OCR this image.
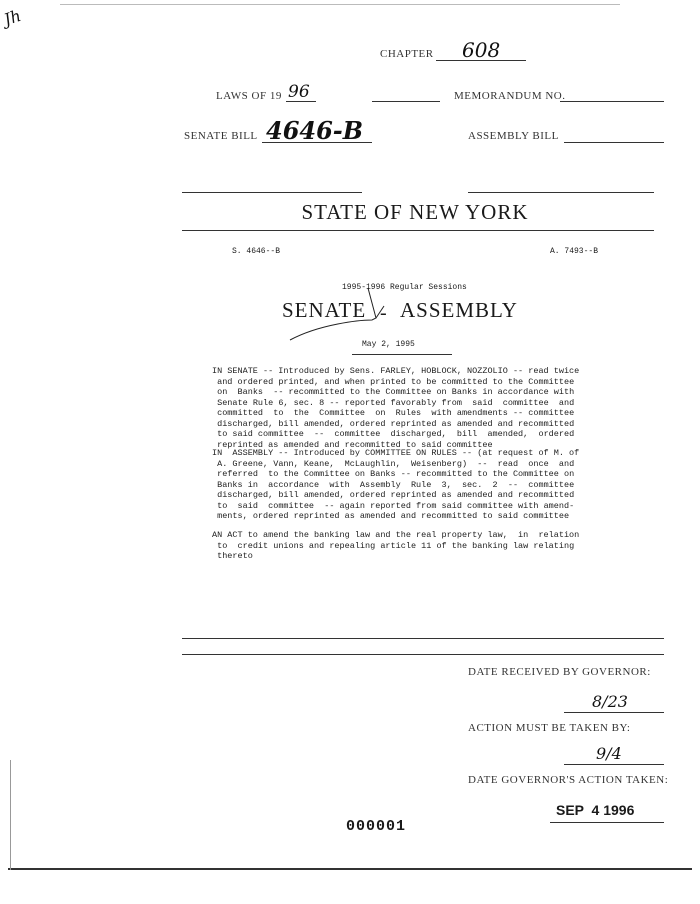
Jh
CHAPTER 608
LAWS OF 19 96	MEMORANDUM NO.
SENATE BILL 4646-B	ASSEMBLY BILL
STATE OF NEW YORK
S. 4646--B	A. 7493--B
1995-1996 Regular Sessions
SENATE - ASSEMBLY
May 2, 1995
IN SENATE -- Introduced by Sens. FARLEY, HOBLOCK, NOZZOLIO -- read twice
and ordered printed, and when printed to be committed to the Committee
on  Banks  -- recommitted to the Committee on Banks in accordance with
Senate Rule 6, sec. 8 -- reported favorably from  said  committee  and
committed  to  the  Committee  on  Rules  with amendments -- committee
discharged, bill amended, ordered reprinted as amended and recommitted
to said committee  --  committee  discharged,  bill  amended,  ordered
reprinted as amended and recommitted to said committee
IN  ASSEMBLY -- Introduced by COMMITTEE ON RULES -- (at request of M. of
A. Greene, Vann, Keane,  McLaughlin,  Weisenberg)  --  read  once  and
referred  to the Committee on Banks -- recommitted to the Committee on
Banks in  accordance  with  Assembly  Rule  3,  sec.  2  --  committee
discharged, bill amended, ordered reprinted as amended and recommitted
to  said  committee  -- again reported from said committee with amend-
ments, ordered reprinted as amended and recommitted to said committee
AN ACT to amend the banking law and the real property law,  in  relation
to  credit unions and repealing article 11 of the banking law relating
thereto
DATE RECEIVED BY GOVERNOR:
8/23
ACTION MUST BE TAKEN BY:
9/4
DATE GOVERNOR'S ACTION TAKEN:
SEP  4 1996
000001
